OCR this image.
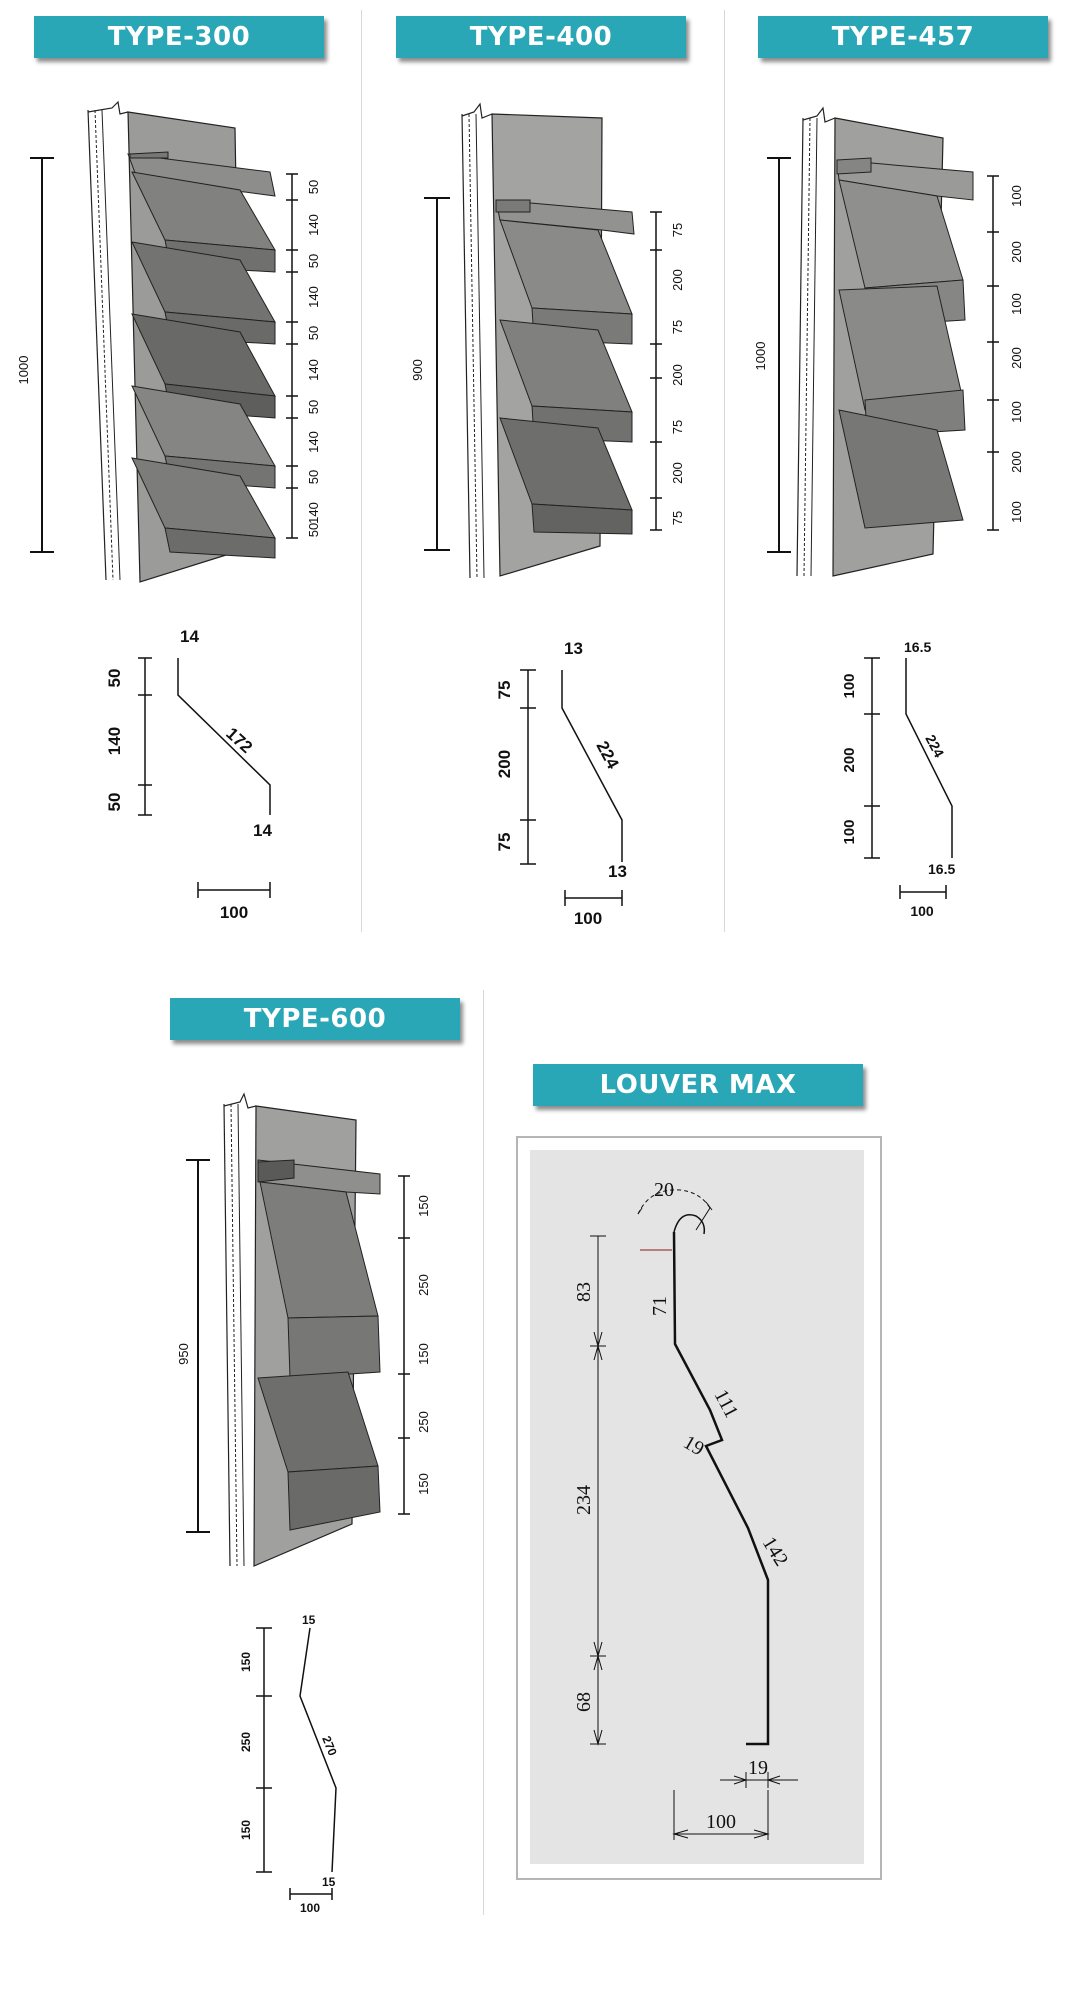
TYPE-300
1000
50
140
50
140
50
140
50
140
50
140
50
14
172
14
50
140
50
100
TYPE-400
900
75
200
75
200
75
200
75
13
224
13
75
200
75
100
TYPE-457
1000
100
200
100
200
100
200
100
16.5
224
16.5
100
200
100
100
TYPE-600
950
150
250
150
250
150
15
270
15
150
250
150
100
LOUVER MAX
20
83
234
68
71
111
19
142
19
100
